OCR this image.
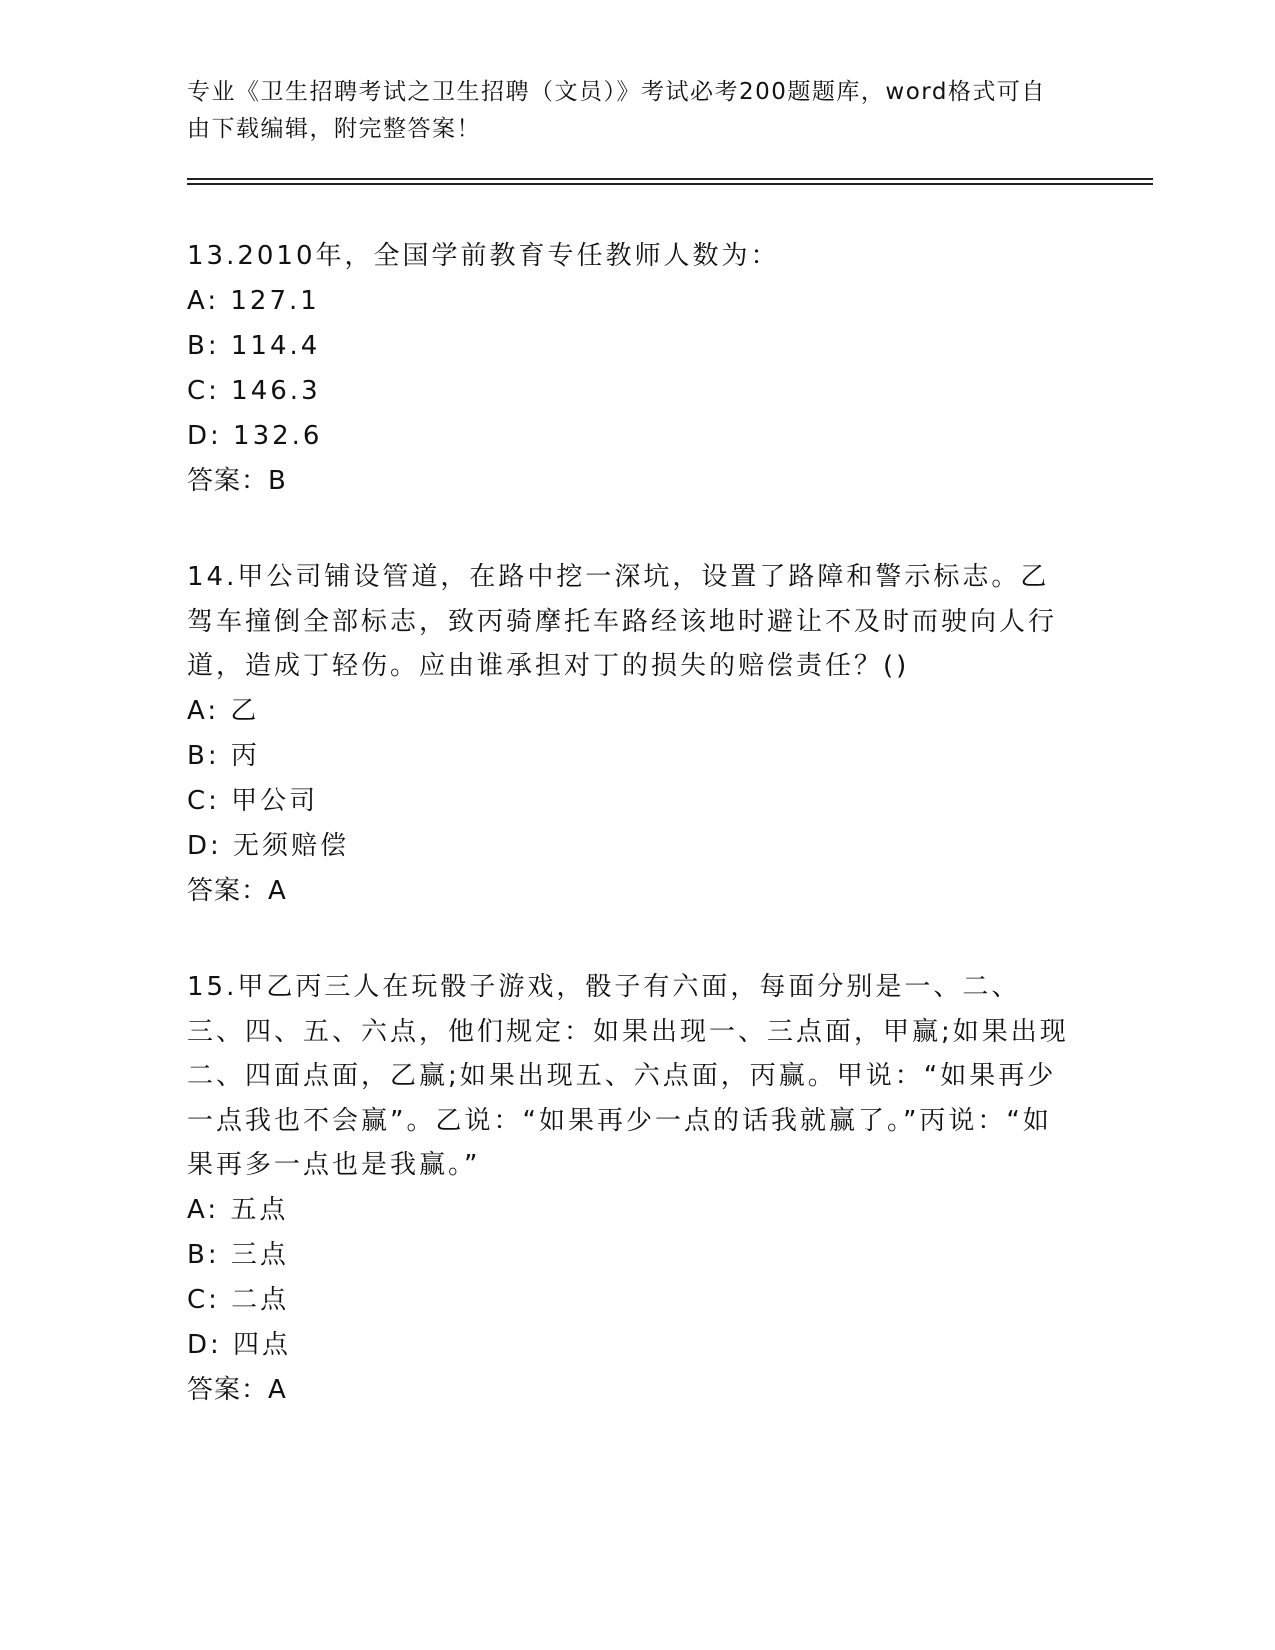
专业《卫生招聘考试之卫生招聘（文员）》考试必考200题题库，word格式可自由下载编辑，附完整答案！
13.2010年，全国学前教育专任教师人数为：
A: 127.1
B: 114.4
C: 146.3
D: 132.6
答案：B
14.甲公司铺设管道，在路中挖一深坑，设置了路障和警示标志。乙驾车撞倒全部标志，致丙骑摩托车路经该地时避让不及时而驶向人行道，造成丁轻伤。应由谁承担对丁的损失的赔偿责任？()
A: 乙
B: 丙
C: 甲公司
D: 无须赔偿
答案：A
15.甲乙丙三人在玩骰子游戏，骰子有六面，每面分别是一、二、三、四、五、六点，他们规定：如果出现一、三点面，甲赢;如果出现二、四面点面，乙赢;如果出现五、六点面，丙赢。甲说：“如果再少一点我也不会赢”。乙说：“如果再少一点的话我就赢了。”丙说：“如果再多一点也是我赢。”
A: 五点
B: 三点
C: 二点
D: 四点
答案：A
